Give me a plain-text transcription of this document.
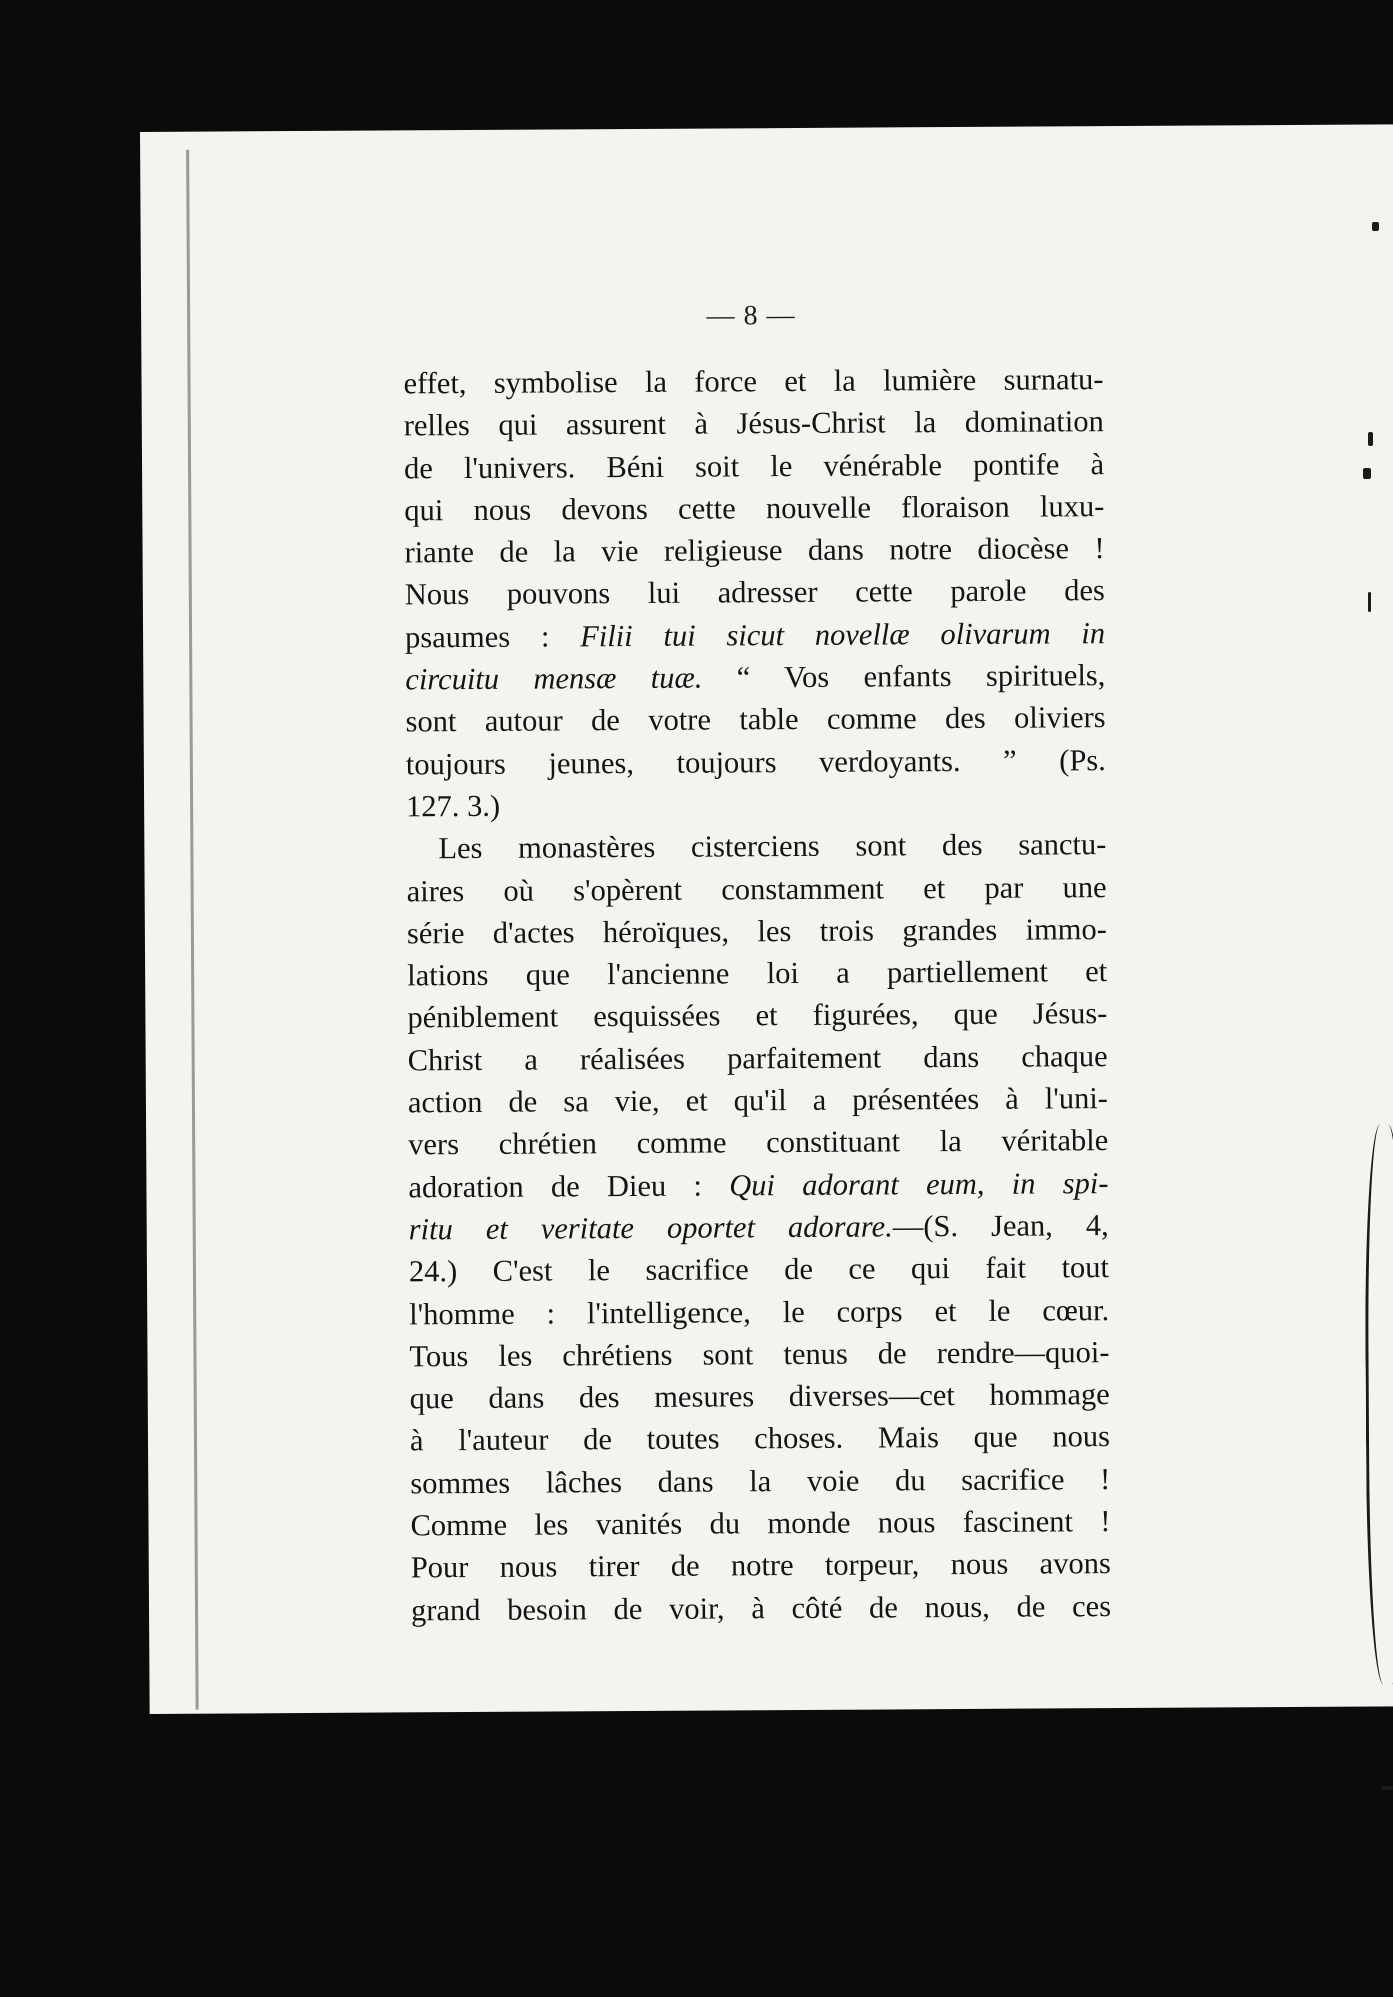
— 8 —
effet, symbolise la force et la lumière surnatu-
relles qui assurent à Jésus-Christ la domination
de l'univers. Béni soit le vénérable pontife à
qui nous devons cette nouvelle floraison luxu-
riante de la vie religieuse dans notre diocèse !
Nous pouvons lui adresser cette parole des
psaumes : Filii tui sicut novellæ olivarum in
circuitu mensæ tuæ. “ Vos enfants spirituels,
sont autour de votre table comme des oliviers
toujours jeunes, toujours verdoyants. ” (Ps.
127. 3.)
Les monastères cisterciens sont des sanctu-
aires où s'opèrent constamment et par une
série d'actes héroïques, les trois grandes immo-
lations que l'ancienne loi a partiellement et
péniblement esquissées et figurées, que Jésus-
Christ a réalisées parfaitement dans chaque
action de sa vie, et qu'il a présentées à l'uni-
vers chrétien comme constituant la véritable
adoration de Dieu : Qui adorant eum, in spi-
ritu et veritate oportet adorare.—(S. Jean, 4,
24.) C'est le sacrifice de ce qui fait tout
l'homme : l'intelligence, le corps et le cœur.
Tous les chrétiens sont tenus de rendre—quoi-
que dans des mesures diverses—cet hommage
à l'auteur de toutes choses. Mais que nous
sommes lâches dans la voie du sacrifice !
Comme les vanités du monde nous fascinent !
Pour nous tirer de notre torpeur, nous avons
grand besoin de voir, à côté de nous, de ces
